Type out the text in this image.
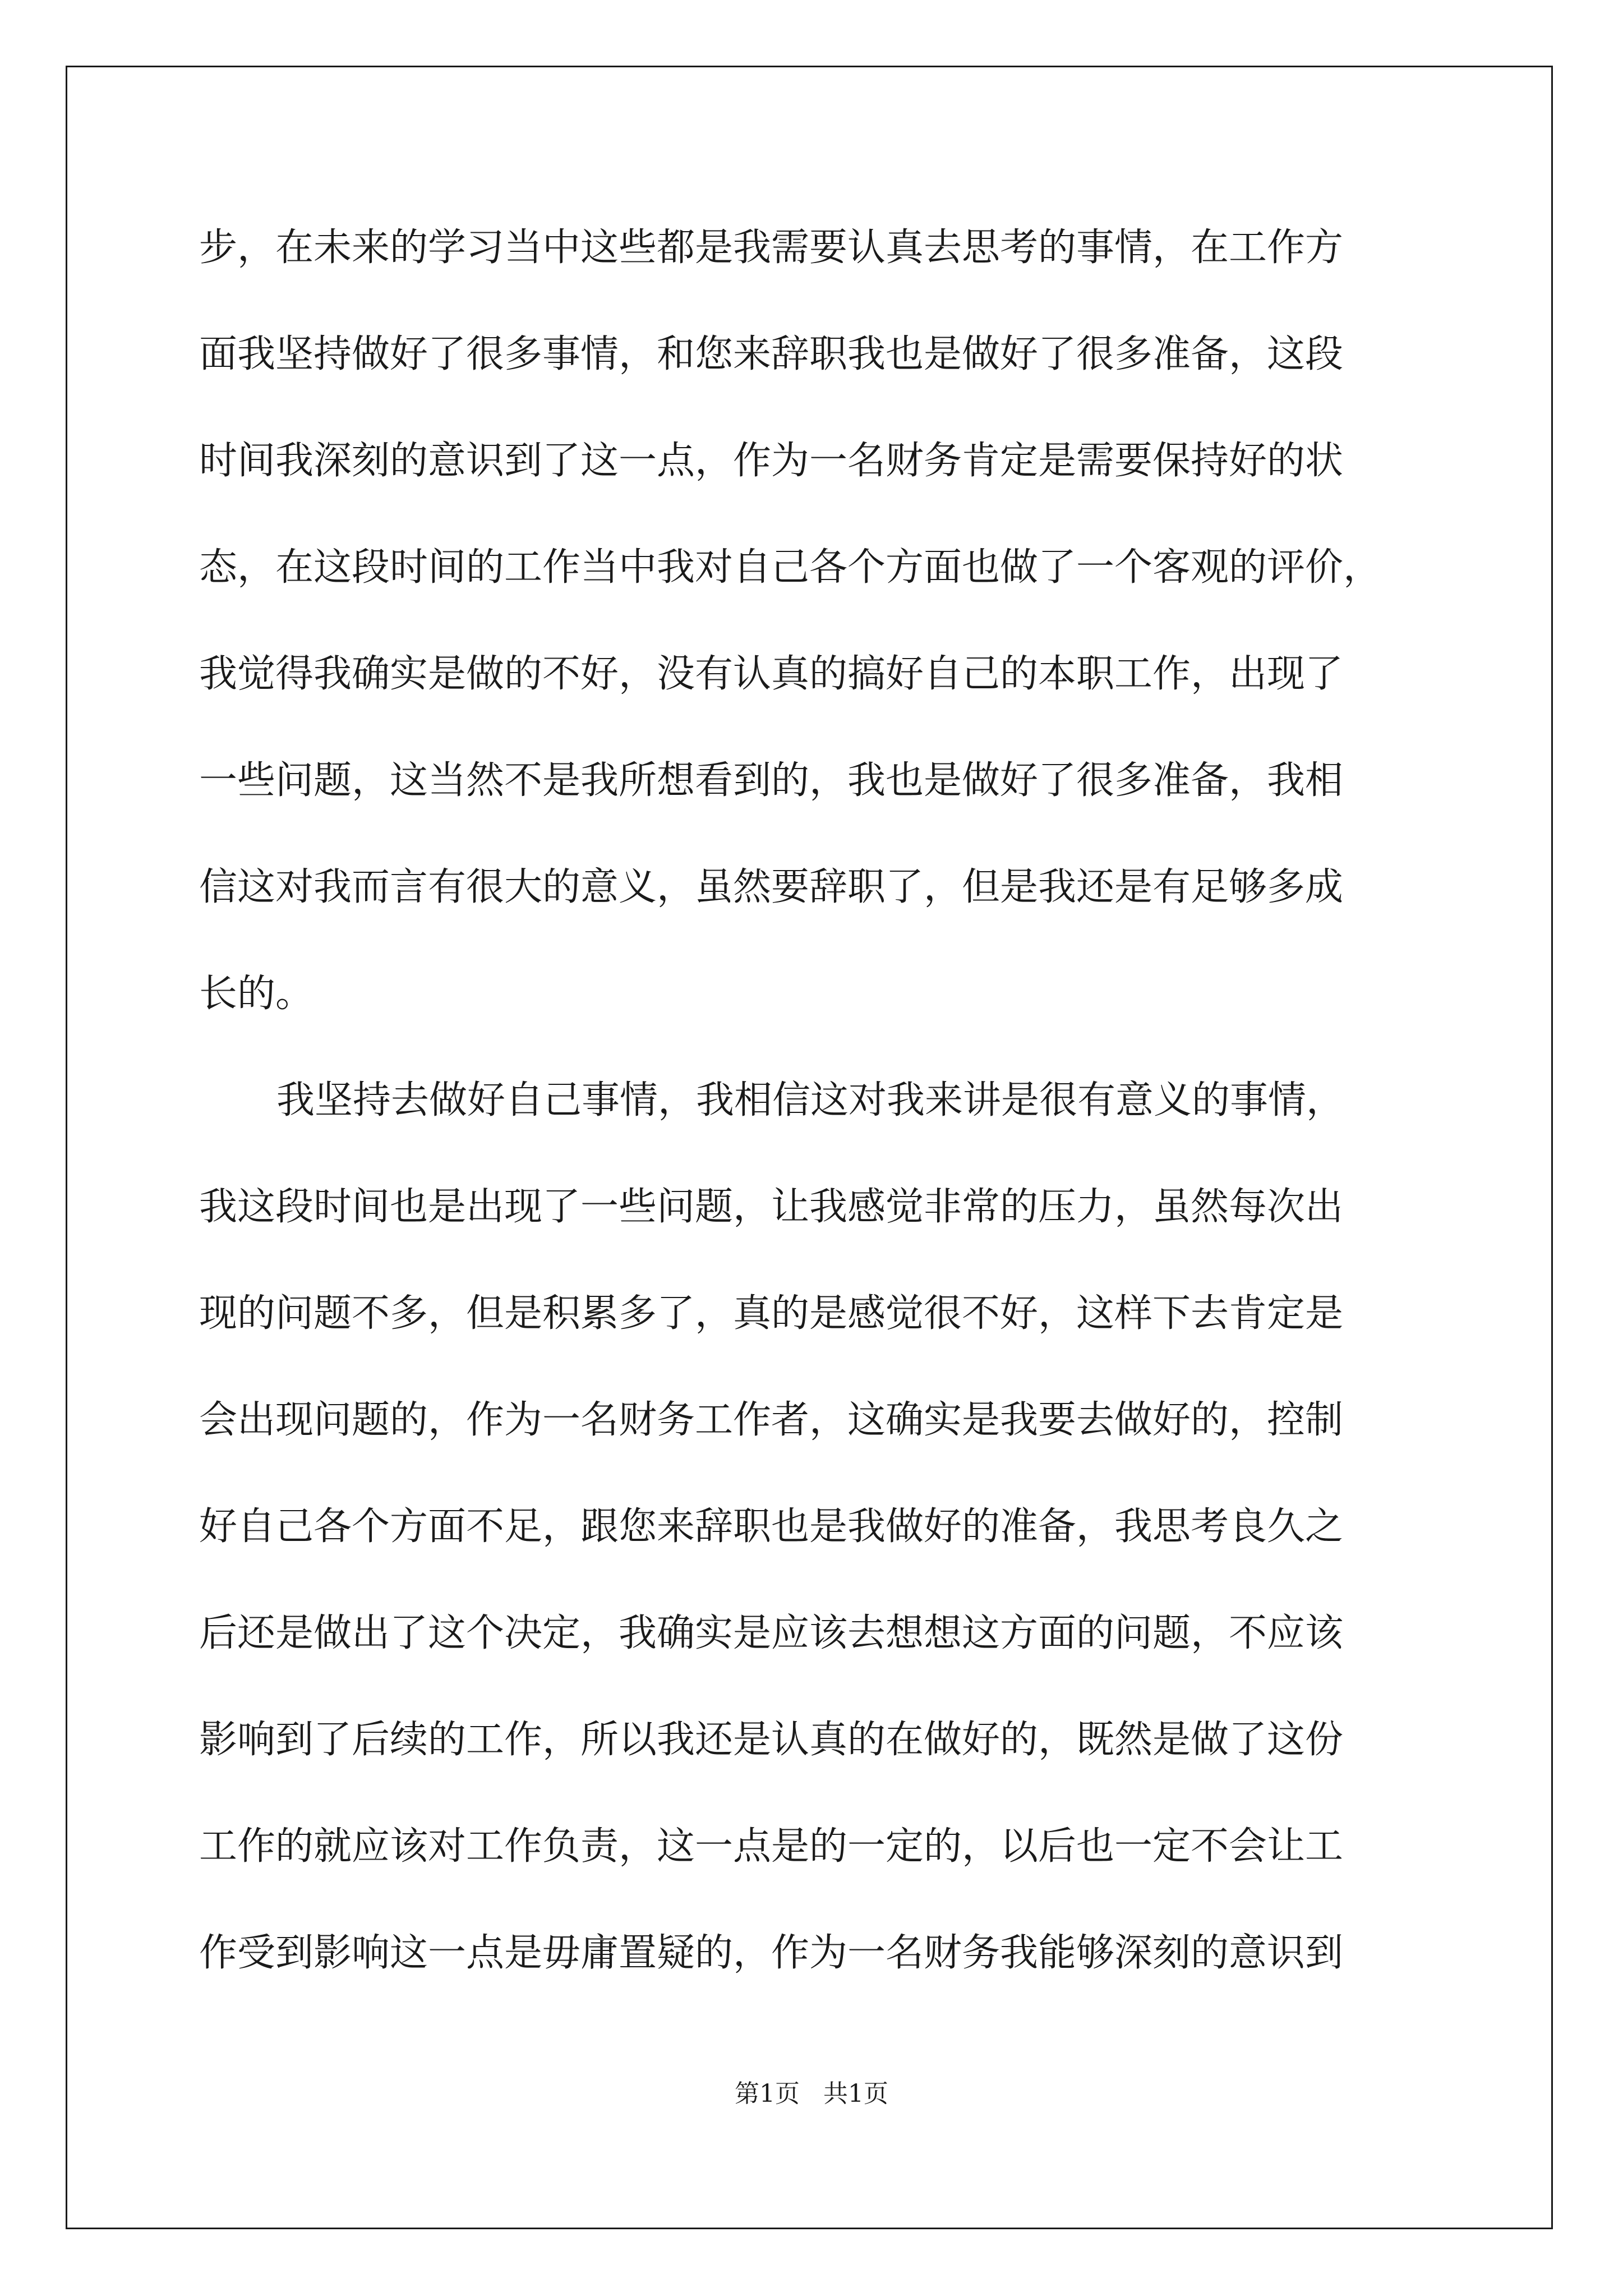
步，在未来的学习当中这些都是我需要认真去思考的事情，在工作方
面我坚持做好了很多事情，和您来辞职我也是做好了很多准备，这段
时间我深刻的意识到了这一点，作为一名财务肯定是需要保持好的状
态，在这段时间的工作当中我对自己各个方面也做了一个客观的评价，
我觉得我确实是做的不好，没有认真的搞好自己的本职工作，出现了
一些问题，这当然不是我所想看到的，我也是做好了很多准备，我相
信这对我而言有很大的意义，虽然要辞职了，但是我还是有足够多成
长的。
我坚持去做好自己事情，我相信这对我来讲是很有意义的事情，
我这段时间也是出现了一些问题，让我感觉非常的压力，虽然每次出
现的问题不多，但是积累多了，真的是感觉很不好，这样下去肯定是
会出现问题的，作为一名财务工作者，这确实是我要去做好的，控制
好自己各个方面不足，跟您来辞职也是我做好的准备，我思考良久之
后还是做出了这个决定，我确实是应该去想想这方面的问题，不应该
影响到了后续的工作，所以我还是认真的在做好的，既然是做了这份
工作的就应该对工作负责，这一点是的一定的，以后也一定不会让工
作受到影响这一点是毋庸置疑的，作为一名财务我能够深刻的意识到
第1页   共1页
